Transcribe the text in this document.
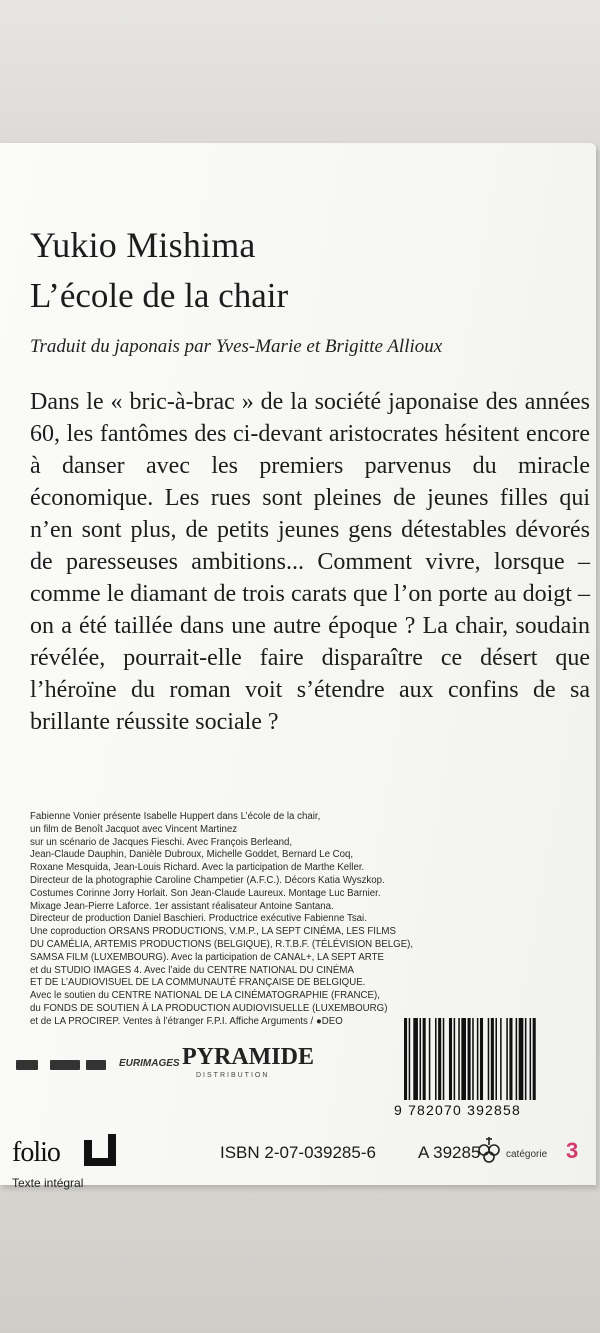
Yukio Mishima
L’école de la chair
Traduit du japonais par Yves-Marie et Brigitte Allioux

Dans le « bric-à-brac » de la société japonaise des années 60, les fantômes des ci-devant aristocrates hésitent encore à danser avec les premiers parvenus du miracle économique. Les rues sont pleines de jeunes filles qui n’en sont plus, de petits jeunes gens détestables dévorés de paresseuses ambitions... Comment vivre, lorsque – comme le diamant de trois carats que l’on porte au doigt – on a été taillée dans une autre époque ? La chair, soudain révélée, pourrait-elle faire disparaître ce désert que l’héroïne du roman voit s’étendre aux confins de sa brillante réussite sociale ?

Fabienne Vonier présente Isabelle Huppert dans L’école de la chair,
un film de Benoît Jacquot avec Vincent Martinez
sur un scénario de Jacques Fieschi. Avec François Berleand,
Jean-Claude Dauphin, Danièle Dubroux, Michelle Goddet, Bernard Le Coq,
Roxane Mesquida, Jean-Louis Richard. Avec la participation de Marthe Keller.
Directeur de la photographie Caroline Champetier (A.F.C.). Décors Katia Wyszkop.
Costumes Corinne Jorry Horlait. Son Jean-Claude Laureux. Montage Luc Barnier.
Mixage Jean-Pierre Laforce. 1er assistant réalisateur Antoine Santana.
Directeur de production Daniel Baschieri. Productrice exécutive Fabienne Tsai.
Une coproduction ORSANS PRODUCTIONS, V.M.P., LA SEPT CINÉMA, LES FILMS
DU CAMÉLIA, ARTEMIS PRODUCTIONS (BELGIQUE), R.T.B.F. (TÉLÉVISION BELGE),
SAMSA FILM (LUXEMBOURG). Avec la participation de CANAL+, LA SEPT ARTE
et du STUDIO IMAGES 4. Avec l’aide du CENTRE NATIONAL DU CINÉMA
ET DE L’AUDIOVISUEL DE LA COMMUNAUTÉ FRANÇAISE DE BELGIQUE.
Avec le soutien du CENTRE NATIONAL DE LA CINÉMATOGRAPHIE (FRANCE),
du FONDS DE SOUTIEN À LA PRODUCTION AUDIOVISUELLE (LUXEMBOURG)
et de LA PROCIREP. Ventes à l’étranger F.P.I. Affiche Arguments / ●DEO

EURIMAGES PYRAMIDE
DISTRIBUTION
9 782070 392858
folio
Texte intégral
ISBN 2-07-039285-6 A 39285	catégorie 3
